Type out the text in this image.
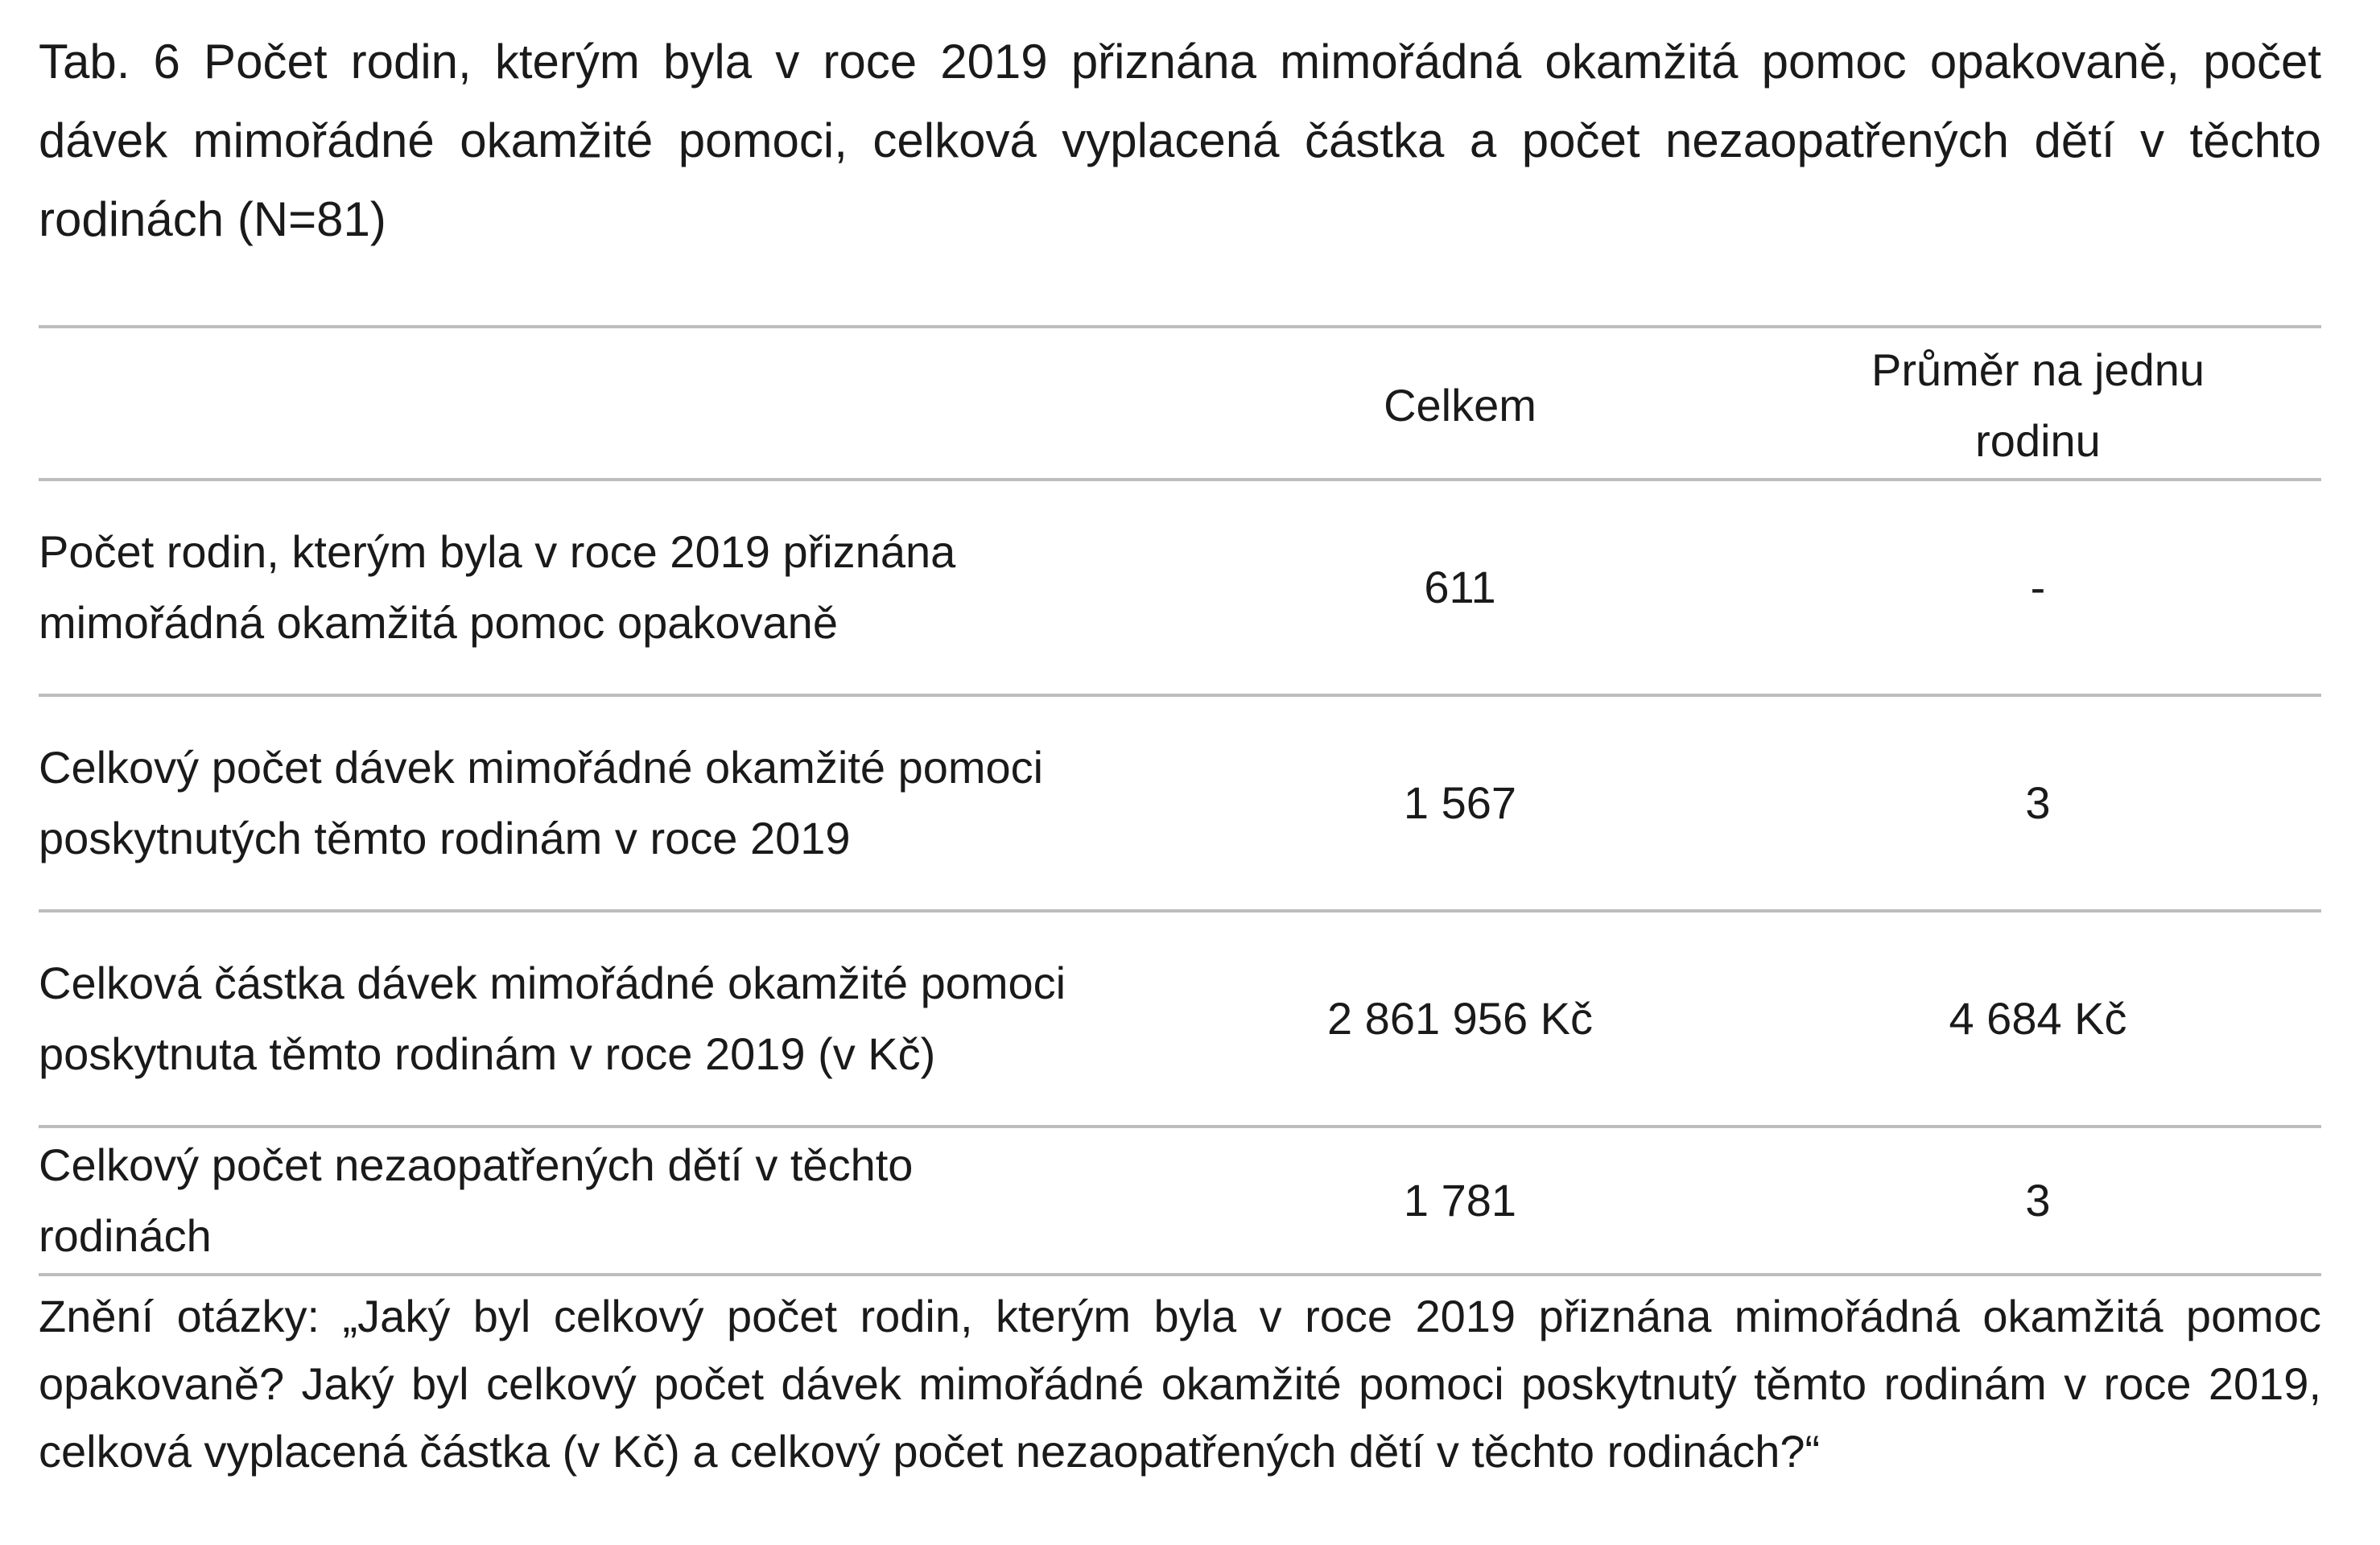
Tab. 6 Počet rodin, kterým byla v roce 2019 přiznána mimořádná okamžitá pomoc opakovaně, počet dávek mimořádné okamžité pomoci, celková vyplacená částka a počet nezaopatřených dětí v těchto rodinách (N=81)

	Celkem	Průměr na jednu rodinu
Počet rodin, kterým byla v roce 2019 přiznána mimořádná okamžitá pomoc opakovaně	611	-
Celkový počet dávek mimořádné okamžité pomoci poskytnutých těmto rodinám v roce 2019	1 567	3
Celková částka dávek mimořádné okamžité pomoci poskytnuta těmto rodinám v roce 2019 (v Kč)	2 861 956 Kč	4 684 Kč
Celkový počet nezaopatřených dětí v těchto rodinách	1 781	3

Znění otázky: „Jaký byl celkový počet rodin, kterým byla v roce 2019 přiznána mimořádná okamžitá pomoc opakovaně? Jaký byl celkový počet dávek mimořádné okamžité pomoci poskytnutý těmto rodinám v roce 2019, celková vyplacená částka (v Kč) a celkový počet nezaopatřených dětí v těchto rodinách?“
